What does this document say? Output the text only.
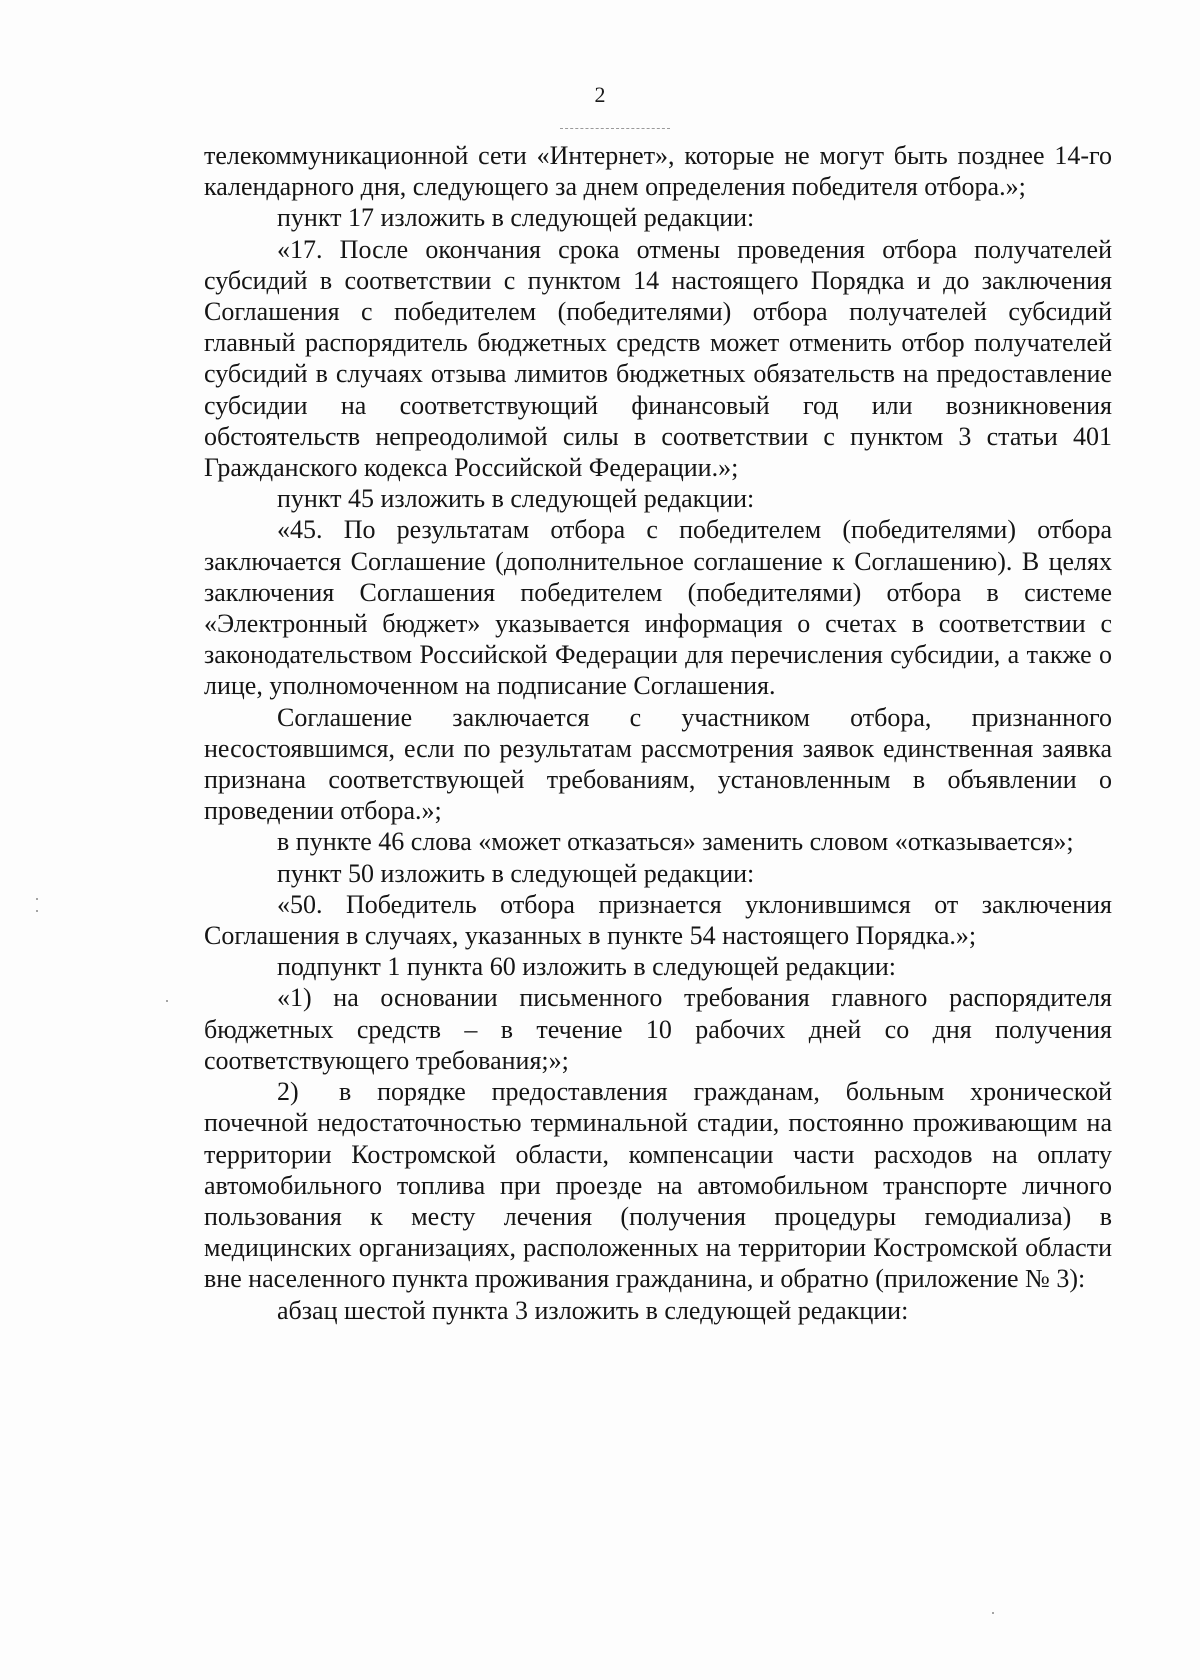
2

телекоммуникационной сети «Интернет», которые не могут быть позднее 14-го календарного дня, следующего за днем определения победителя отбора.»;

пункт 17 изложить в следующей редакции:

«17. После окончания срока отмены проведения отбора получателей субсидий в соответствии с пунктом 14 настоящего Порядка и до заключения Соглашения с победителем (победителями) отбора получателей субсидий главный распорядитель бюджетных средств может отменить отбор получателей субсидий в случаях отзыва лимитов бюджетных обязательств на предоставление субсидии на соответствующий финансовый год или возникновения обстоятельств непреодолимой силы в соответствии с пунктом 3 статьи 401 Гражданского кодекса Российской Федерации.»;

пункт 45 изложить в следующей редакции:

«45. По результатам отбора с победителем (победителями) отбора заключается Соглашение (дополнительное соглашение к Соглашению). В целях заключения Соглашения победителем (победителями) отбора в системе «Электронный бюджет» указывается информация о счетах в соответствии с законодательством Российской Федерации для перечисления субсидии, а также о лице, уполномоченном на подписание Соглашения.

Соглашение заключается с участником отбора, признанного несостоявшимся, если по результатам рассмотрения заявок единственная заявка признана соответствующей требованиям, установленным в объявлении о проведении отбора.»;

в пункте 46 слова «может отказаться» заменить словом «отказывается»;

пункт 50 изложить в следующей редакции:

«50. Победитель отбора признается уклонившимся от заключения Соглашения в случаях, указанных в пункте 54 настоящего Порядка.»;

подпункт 1 пункта 60 изложить в следующей редакции:

«1) на основании письменного требования главного распорядителя бюджетных средств – в течение 10 рабочих дней со дня получения соответствующего требования;»;

2) в порядке предоставления гражданам, больным хронической почечной недостаточностью терминальной стадии, постоянно проживающим на территории Костромской области, компенсации части расходов на оплату автомобильного топлива при проезде на автомобильном транспорте личного пользования к месту лечения (получения процедуры гемодиализа) в медицинских организациях, расположенных на территории Костромской области вне населенного пункта проживания гражданина, и обратно (приложение № 3):

абзац шестой пункта 3 изложить в следующей редакции:
